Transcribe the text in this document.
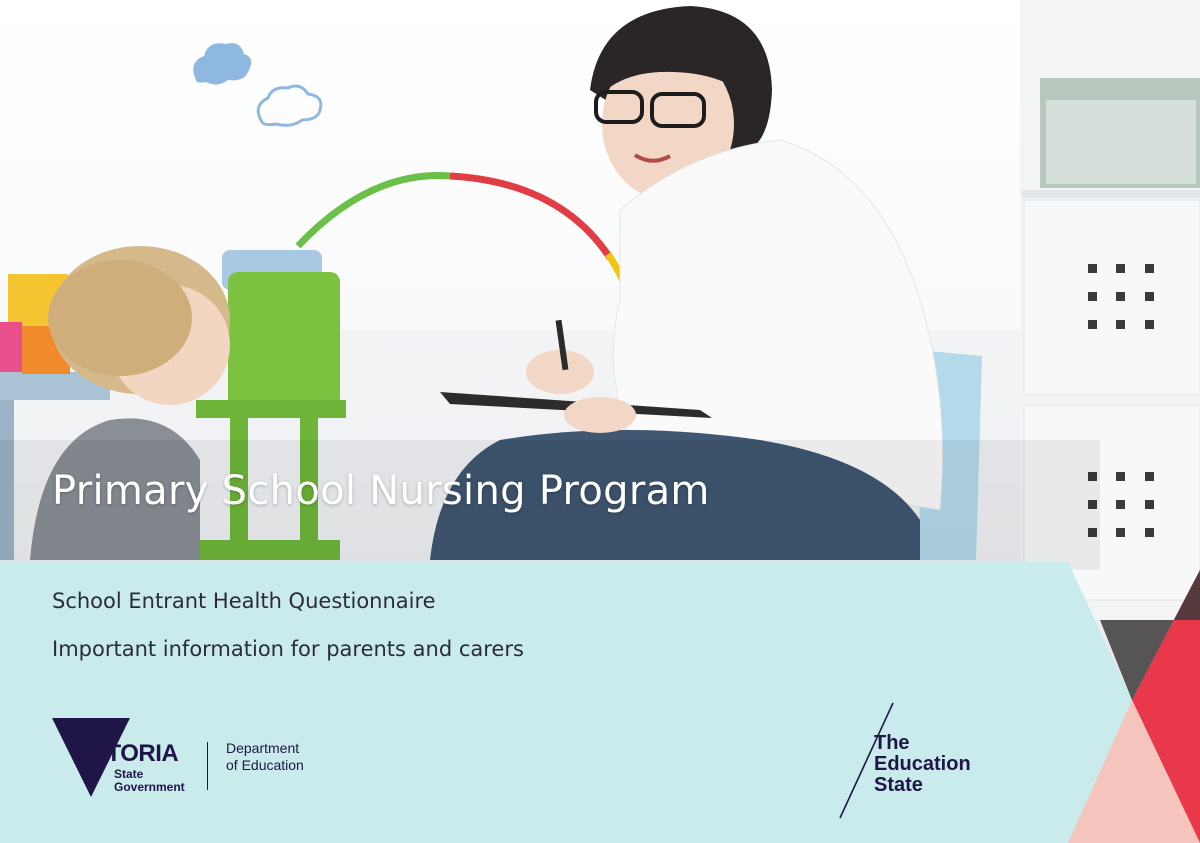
Primary School Nursing Program
School Entrant Health Questionnaire
Important information for parents and carers
VICTORIA
State
Government
Department
of Education
The
Education
State
